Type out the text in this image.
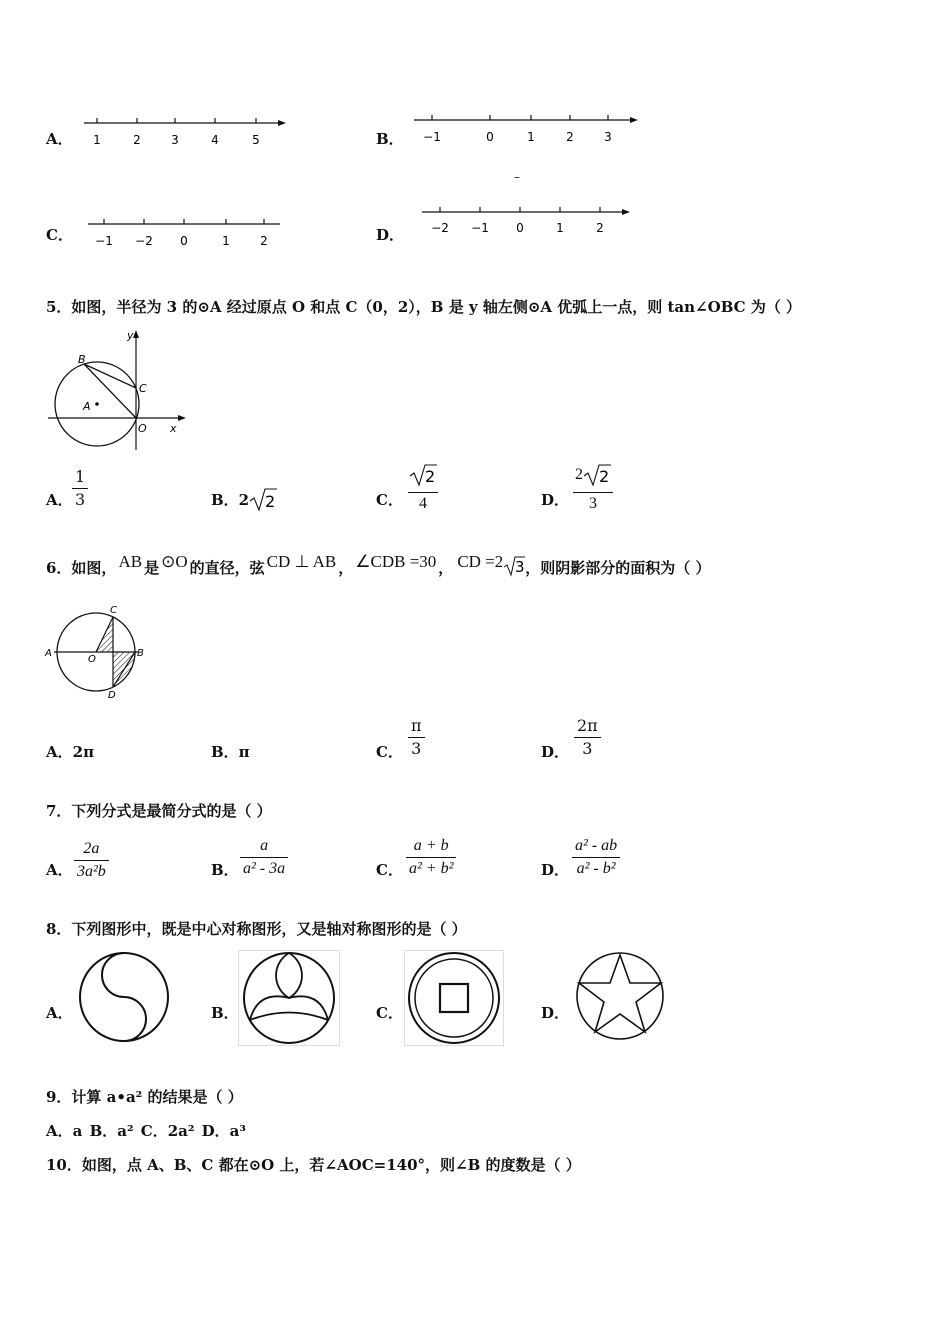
A． 1	2	3	4	5	B． −1	0	1	2	3
–
C． −1 −2 0	1	2	D． −2 −1 0	1	2
5．如图，半径为 3 的⊙A 经过原点 O 和点 C（0，2），B 是 y 轴左侧⊙A 优弧上一点，则 tan∠OBC 为（ ）
y
x
B
C
A
O
A． $\frac{1}{3}$	B．2 2	C．
2
4	D．
2 2
3
6．如图， AB 是 ⊙O 的直径，弦 CD ⊥ AB ， ∠CDB =30 ， CD =2 3 ，则阴影部分的面积为（ ）
C
A
O
B
D
A．2π	B．π	C． $\frac{\pi}{3}$	D． $\frac{2\pi}{3}$
7．下列分式是最简分式的是（ ）
A． $\frac{2a}{\text{3a²b}}$	B． $\frac{a}{\text{a² - 3a}}$	C． $\frac{a + b}{\text{a² + b²}}$	D． $\frac{\text{a² - ab}}{\text{a² - b²}}$
8．下列图形中，既是中心对称图形，又是轴对称图形的是（ ）
A．	B．	C．	D．
9．计算 a•a² 的结果是（ ）
A．a B．a² C．2a² D．a³
10．如图，点 A、B、C 都在⊙O 上，若∠AOC=140°，则∠B 的度数是（ ）
